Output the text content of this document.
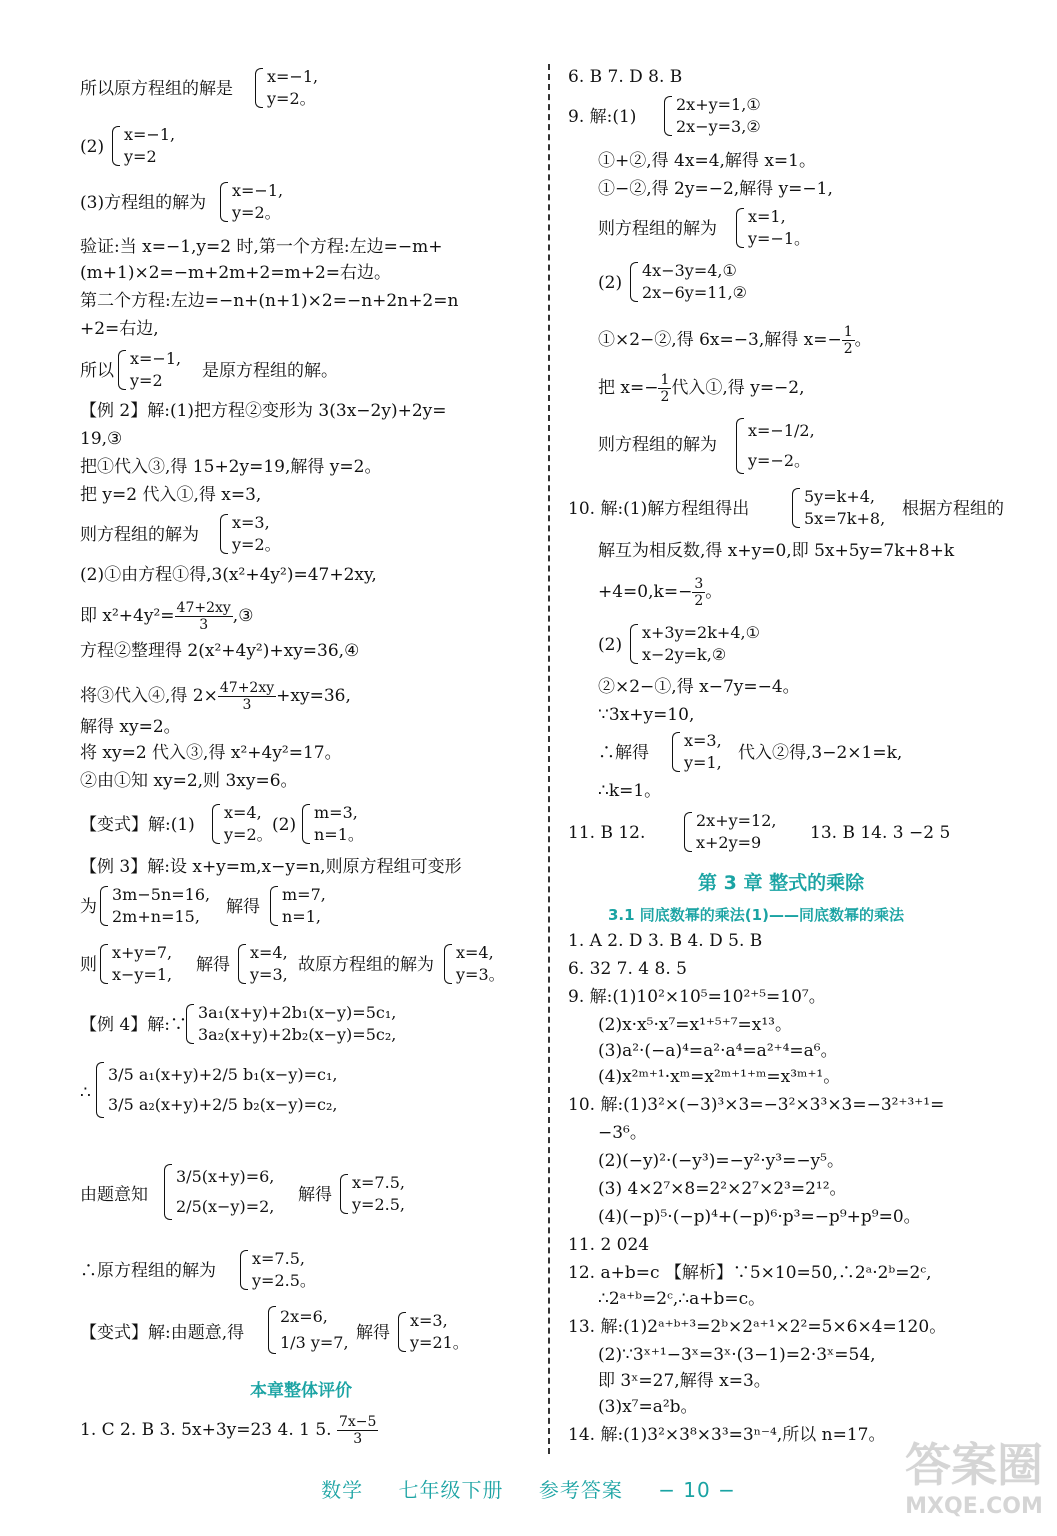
所以原方程组的解是
x=−1,
y=2。
(2)
x=−1,
y=2
(3)方程组的解为
x=−1,
y=2。
验证:当 x=−1,y=2 时,第一个方程:左边=−m+
(m+1)×2=−m+2m+2=m+2=右边。
第二个方程:左边=−n+(n+1)×2=−n+2n+2=n
+2=右边,
所以
x=−1,
y=2	是原方程组的解。
【例 2】解:(1)把方程②变形为 3(3x−2y)+2y=
19,③
把①代入③,得 15+2y=19,解得 y=2。
把 y=2 代入①,得 x=3,
则方程组的解为
x=3,
y=2。
(2)①由方程①得,3(x²+4y²)=47+2xy,
即 $x^2+4y^2= \frac{47+2xy}{3}$ ,③
方程②整理得 2(x²+4y²)+xy=36,④
将③代入④,得 $2\times \frac{47+2xy}{3} +xy=36$,
解得 xy=2。
将 xy=2 代入③,得 x²+4y²=17。
②由①知 xy=2,则 3xy=6。
【变式】解:(1)
x=4,
y=2。 (2)
m=3,
n=1。
【例 3】解:设 x+y=m,x−y=n,则原方程组可变形
为
3m−5n=16,
2m+n=15,	解得
m=7,
n=1,
则
x+y=7,
x−y=1, 解得
x=4,
y=3, 故原方程组的解为
x=4,
y=3。
【例 4】解:∵
3a₁(x+y)+2b₁(x−y)=5c₁,
3a₂(x+y)+2b₂(x−y)=5c₂,
∴
3/5 a₁(x+y)+2/5 b₁(x−y)=c₁,
3/5 a₂(x+y)+2/5 b₂(x−y)=c₂,
由题意知
3/5(x+y)=6,
2/5(x−y)=2,
解得
x=7.5,
y=2.5,
∴原方程组的解为
x=7.5,
y=2.5。
【变式】解:由题意,得
2x=6,
1/3 y=7, 解得
x=3,
y=21。
本章整体评价
1. C 2. B 3. 5x+3y=23 4. 1 5. $\frac{7x-5}{3}$
6. B 7. D 8. B
9. 解:(1)
2x+y=1,①
2x−y=3,②
①+②,得 4x=4,解得 x=1。
①−②,得 2y=−2,解得 y=−1,
则方程组的解为
x=1,
y=−1。
(2)
4x−3y=4,①
2x−6y=11,②
①×2−②,得 6x=−3,解得 $x=- \frac{1}{2}$ 。
把 $x=- \frac{1}{2}$ 代入①,得 y=−2,
则方程组的解为
x=−1/2,
y=−2。
10. 解:(1)解方程组得出
5y=k+4,
5x=7k+8, 根据方程组的
解互为相反数,得 x+y=0,即 5x+5y=7k+8+k
$+4=0,k=- \frac{3}{2}$ 。
(2)
x+3y=2k+4,①
x−2y=k,②
②×2−①,得 x−7y=−4。
∵3x+y=10,
∴解得
x=3,
y=1, 代入②得,3−2×1=k,
∴k=1。
11. B 12.
2x+y=12,
x+2y=9	13. B 14. 3 −2 5
第 3 章 整式的乘除
3.1 同底数幂的乘法(1)——同底数幂的乘法
1. A 2. D 3. B 4. D 5. B
6. 32 7. 4 8. 5
9. 解:(1)10²×10⁵=10²⁺⁵=10⁷。
(2)x·x⁵·x⁷=x¹⁺⁵⁺⁷=x¹³。
(3)a²·(−a)⁴=a²·a⁴=a²⁺⁴=a⁶。
(4)x²ᵐ⁺¹·xᵐ=x²ᵐ⁺¹⁺ᵐ=x³ᵐ⁺¹。
10. 解:(1)3²×(−3)³×3=−3²×3³×3=−3²⁺³⁺¹=
−3⁶。
(2)(−y)²·(−y³)=−y²·y³=−y⁵。
(3) 4×2⁷×8=2²×2⁷×2³=2¹²。
(4)(−p)⁵·(−p)⁴+(−p)⁶·p³=−p⁹+p⁹=0。
11. 2 024
12. a+b=c 【解析】∵5×10=50,∴2ᵃ·2ᵇ=2ᶜ,
∴2ᵃ⁺ᵇ=2ᶜ,∴a+b=c。
13. 解:(1)2ᵃ⁺ᵇ⁺³=2ᵇ×2ᵃ⁺¹×2²=5×6×4=120。
(2)∵3ˣ⁺¹−3ˣ=3ˣ·(3−1)=2·3ˣ=54,
即 3ˣ=27,解得 x=3。
(3)x⁷=a²b。
14. 解:(1)3²×3⁸×3³=3ⁿ⁻⁴,所以 n=17。
数学 七年级下册 参考答案 − 10 −	答案圈
MXQE.COM
